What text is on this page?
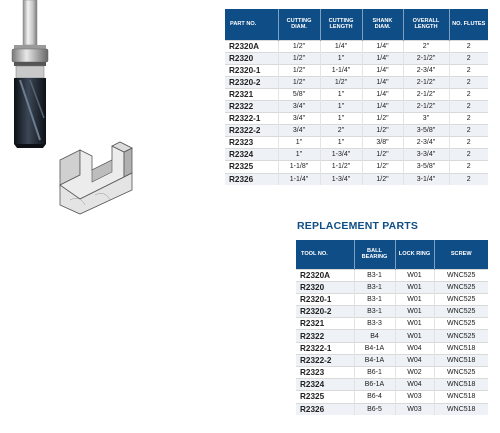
PART NO.	CUTTING DIAM.	CUTTING LENGTH	SHANK DIAM.	OVERALL LENGTH	NO. FLUTES
R2320A	1/2"	1/4"	1/4"	2"	2
R2320	1/2"	1"	1/4"	2-1/2"	2
R2320-1	1/2"	1-1/4"	1/4"	2-3/4"	2
R2320-2	1/2"	1/2"	1/4"	2-1/2"	2
R2321	5/8"	1"	1/4"	2-1/2"	2
R2322	3/4"	1"	1/4"	2-1/2"	2
R2322-1	3/4"	1"	1/2"	3"	2
R2322-2	3/4"	2"	1/2"	3-5/8"	2
R2323	1"	1"	3/8"	2-3/4"	2
R2324	1"	1-3/4"	1/2"	3-3/4"	2
R2325	1-1/8"	1-1/2"	1/2"	3-5/8"	2
R2326	1-1/4"	1-3/4"	1/2"	3-1/4"	2
REPLACEMENT PARTS
TOOL NO.	BALL BEARING	LOCK RING	SCREW
R2320A	B3-1	W01	WNC525
R2320	B3-1	W01	WNC525
R2320-1	B3-1	W01	WNC525
R2320-2	B3-1	W01	WNC525
R2321	B3-3	W01	WNC525
R2322	B4	W01	WNC525
R2322-1	B4-1A	W04	WNC518
R2322-2	B4-1A	W04	WNC518
R2323	B6-1	W02	WNC525
R2324	B6-1A	W04	WNC518
R2325	B6-4	W03	WNC518
R2326	B6-5	W03	WNC518
